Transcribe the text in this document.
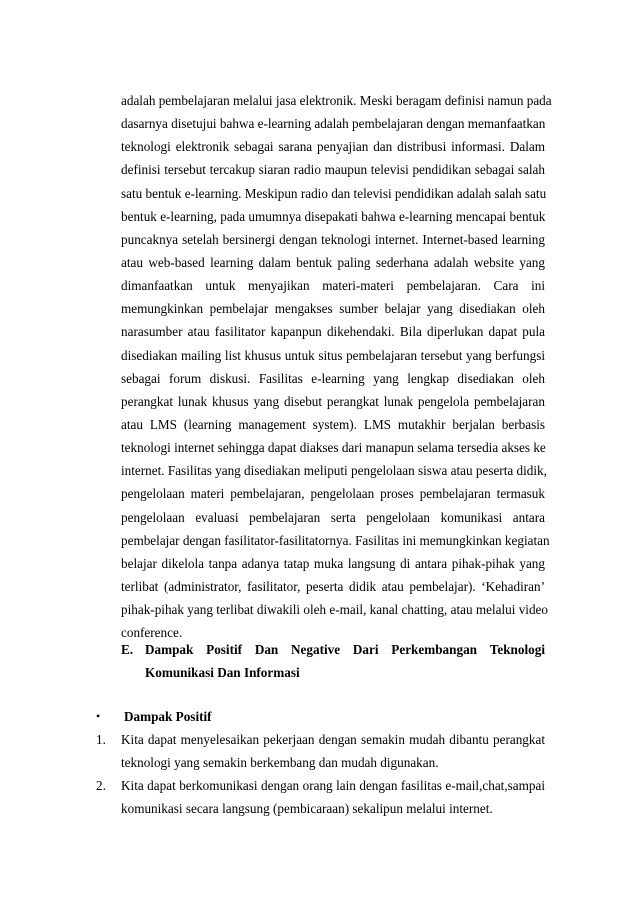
adalah pembelajaran melalui jasa elektronik. Meski beragam definisi namun pada
dasarnya disetujui bahwa e-learning adalah pembelajaran dengan memanfaatkan
teknologi elektronik sebagai sarana penyajian dan distribusi informasi. Dalam
definisi tersebut tercakup siaran radio maupun televisi pendidikan sebagai salah
satu bentuk e-learning. Meskipun radio dan televisi pendidikan adalah salah satu
bentuk e-learning, pada umumnya disepakati bahwa e-learning mencapai bentuk
puncaknya setelah bersinergi dengan teknologi internet. Internet-based learning
atau web-based learning dalam bentuk paling sederhana adalah website yang
dimanfaatkan untuk menyajikan materi-materi pembelajaran. Cara ini
memungkinkan pembelajar mengakses sumber belajar yang disediakan oleh
narasumber atau fasilitator kapanpun dikehendaki. Bila diperlukan dapat pula
disediakan mailing list khusus untuk situs pembelajaran tersebut yang berfungsi
sebagai forum diskusi. Fasilitas e-learning yang lengkap disediakan oleh
perangkat lunak khusus yang disebut perangkat lunak pengelola pembelajaran
atau LMS (learning management system). LMS mutakhir berjalan berbasis
teknologi internet sehingga dapat diakses dari manapun selama tersedia akses ke
internet. Fasilitas yang disediakan meliputi pengelolaan siswa atau peserta didik,
pengelolaan materi pembelajaran, pengelolaan proses pembelajaran termasuk
pengelolaan evaluasi pembelajaran serta pengelolaan komunikasi antara
pembelajar dengan fasilitator-fasilitatornya. Fasilitas ini memungkinkan kegiatan
belajar dikelola tanpa adanya tatap muka langsung di antara pihak-pihak yang
terlibat (administrator, fasilitator, peserta didik atau pembelajar). ‘Kehadiran’
pihak-pihak yang terlibat diwakili oleh e-mail, kanal chatting, atau melalui video
conference.
E. Dampak Positif Dan Negative Dari Perkembangan Teknologi
Komunikasi Dan Informasi
•	Dampak Positif
1.	Kita dapat menyelesaikan pekerjaan dengan semakin mudah dibantu perangkat
teknologi yang semakin berkembang dan mudah digunakan.
2.	Kita dapat berkomunikasi dengan orang lain dengan fasilitas e-mail,chat,sampai
komunikasi secara langsung (pembicaraan) sekalipun melalui internet.
